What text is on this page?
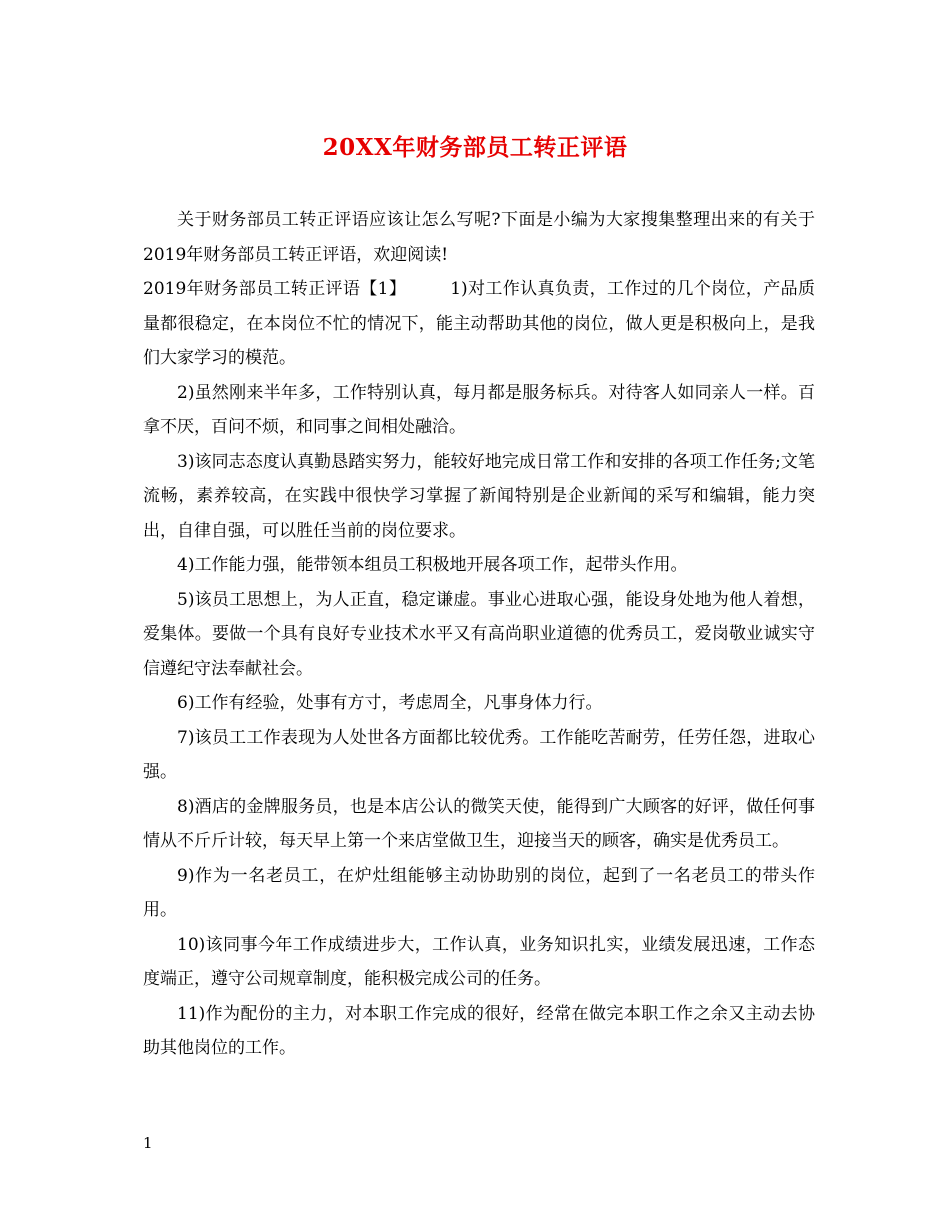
20XX年财务部员工转正评语

关于财务部员工转正评语应该让怎么写呢?下面是小编为大家搜集整理出来的有关于2019年财务部员工转正评语，欢迎阅读!

2019年财务部员工转正评语【1】	1)对工作认真负责，工作过的几个岗位，产品质量都很稳定，在本岗位不忙的情况下，能主动帮助其他的岗位，做人更是积极向上，是我们大家学习的模范。

2)虽然刚来半年多，工作特别认真，每月都是服务标兵。对待客人如同亲人一样。百拿不厌，百问不烦，和同事之间相处融洽。

3)该同志态度认真勤恳踏实努力，能较好地完成日常工作和安排的各项工作任务;文笔流畅，素养较高，在实践中很快学习掌握了新闻特别是企业新闻的采写和编辑，能力突出，自律自强，可以胜任当前的岗位要求。

4)工作能力强，能带领本组员工积极地开展各项工作，起带头作用。

5)该员工思想上，为人正直，稳定谦虚。事业心进取心强，能设身处地为他人着想，爱集体。要做一个具有良好专业技术水平又有高尚职业道德的优秀员工，爱岗敬业诚实守信遵纪守法奉献社会。

6)工作有经验，处事有方寸，考虑周全，凡事身体力行。

7)该员工工作表现为人处世各方面都比较优秀。工作能吃苦耐劳，任劳任怨，进取心强。

8)酒店的金牌服务员，也是本店公认的微笑天使，能得到广大顾客的好评，做任何事情从不斤斤计较，每天早上第一个来店堂做卫生，迎接当天的顾客，确实是优秀员工。

9)作为一名老员工，在炉灶组能够主动协助别的岗位，起到了一名老员工的带头作用。

10)该同事今年工作成绩进步大，工作认真，业务知识扎实，业绩发展迅速，工作态度端正，遵守公司规章制度，能积极完成公司的任务。

11)作为配份的主力，对本职工作完成的很好，经常在做完本职工作之余又主动去协助其他岗位的工作。

1
